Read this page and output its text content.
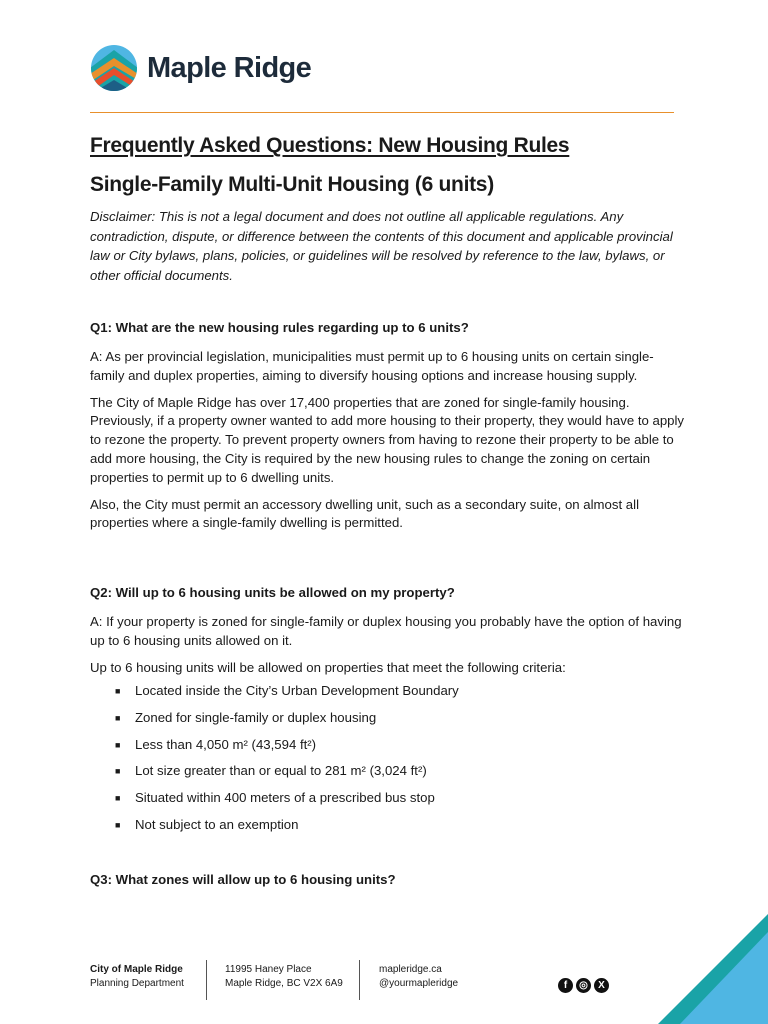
Maple Ridge
Frequently Asked Questions: New Housing Rules
Single-Family Multi-Unit Housing (6 units)

Disclaimer: This is not a legal document and does not outline all applicable regulations. Any contradiction, dispute, or difference between the contents of this document and applicable provincial law or City bylaws, plans, policies, or guidelines will be resolved by reference to the law, bylaws, or other official documents.

Q1: What are the new housing rules regarding up to 6 units?

A: As per provincial legislation, municipalities must permit up to 6 housing units on certain single-family and duplex properties, aiming to diversify housing options and increase housing supply.

The City of Maple Ridge has over 17,400 properties that are zoned for single-family housing. Previously, if a property owner wanted to add more housing to their property, they would have to apply to rezone the property. To prevent property owners from having to rezone their property to be able to add more housing, the City is required by the new housing rules to change the zoning on certain properties to permit up to 6 dwelling units.

Also, the City must permit an accessory dwelling unit, such as a secondary suite, on almost all properties where a single-family dwelling is permitted.

Q2: Will up to 6 housing units be allowed on my property?

A: If your property is zoned for single-family or duplex housing you probably have the option of having up to 6 housing units allowed on it.

Up to 6 housing units will be allowed on properties that meet the following criteria:

■	Located inside the City’s Urban Development Boundary
■	Zoned for single-family or duplex housing
■	Less than 4,050 m² (43,594 ft²)
■	Lot size greater than or equal to 281 m² (3,024 ft²)
■	Situated within 400 meters of a prescribed bus stop
■	Not subject to an exemption

Q3: What zones will allow up to 6 housing units?

City of Maple Ridge
Planning Department
11995 Haney Place
Maple Ridge, BC V2X 6A9
mapleridge.ca
@yourmapleridge	f	◎	X
